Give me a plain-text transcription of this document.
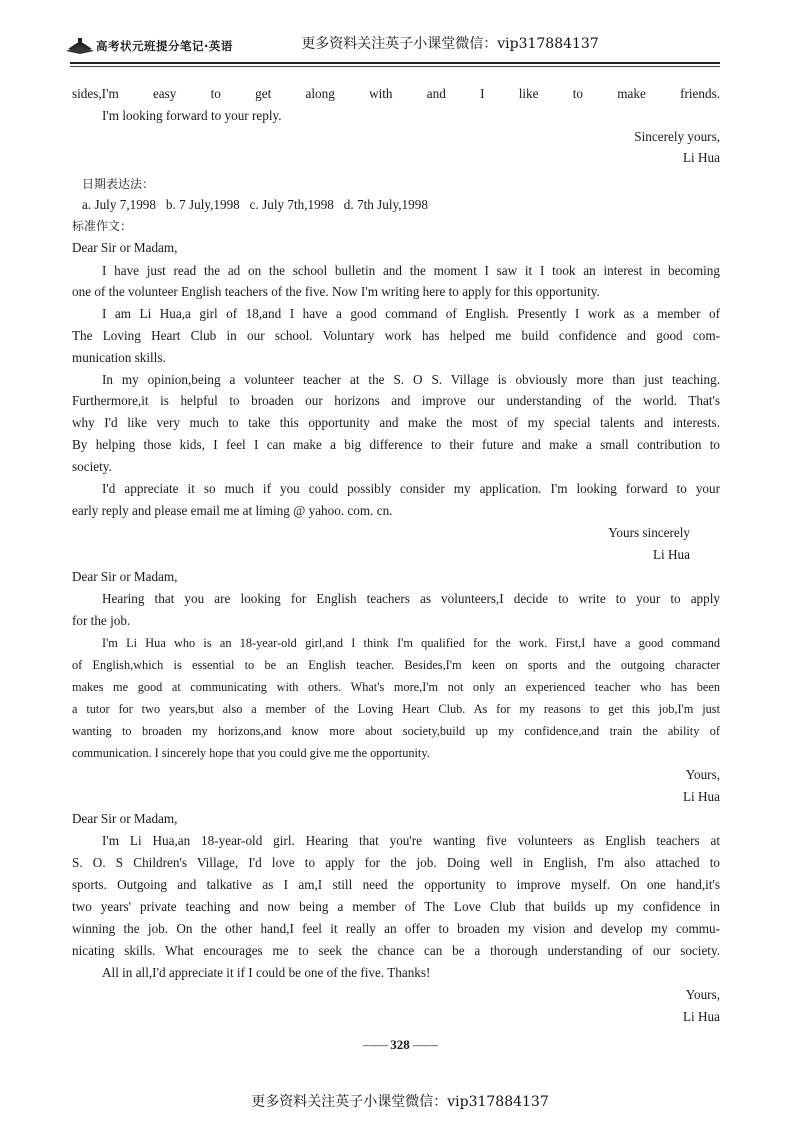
高考状元班提分笔记·英语	更多资料关注英子小课堂微信：vip317884137
sides,I'm easy to get along with and I like to make friends.
I'm looking forward to your reply.
Sincerely yours,
Li Hua
日期表达法：
a. July 7,1998   b. 7 July,1998   c. July 7th,1998   d. 7th July,1998
标准作文：
Dear Sir or Madam,
I have just read the ad on the school bulletin and the moment I saw it I took an interest in becoming
one of the volunteer English teachers of the five. Now I'm writing here to apply for this opportunity.
I am Li Hua,a girl of 18,and I have a good command of English. Presently I work as a member of
The Loving Heart Club in our school. Voluntary work has helped me build confidence and good com-
munication skills.
In my opinion,being a volunteer teacher at the S. O S. Village is obviously more than just teaching.
Furthermore,it is helpful to broaden our horizons and improve our understanding of the world. That's
why I'd like very much to take this opportunity and make the most of my special talents and interests.
By helping those kids, I feel I can make a big difference to their future and make a small contribution to
society.
I'd appreciate it so much if you could possibly consider my application. I'm looking forward to your
early reply and please email me at liming @ yahoo. com. cn.
Yours sincerely
Li Hua
Dear Sir or Madam,
Hearing that you are looking for English teachers as volunteers,I decide to write to your to apply
for the job.
I'm Li Hua who is an 18-year-old girl,and I think I'm qualified for the work. First,I have a good command
of English,which is essential to be an English teacher. Besides,I'm keen on sports and the outgoing character
makes me good at communicating with others. What's more,I'm not only an experienced teacher who has been
a tutor for two years,but also a member of the Loving Heart Club. As for my reasons to get this job,I'm just
wanting to broaden my horizons,and know more about society,build up my confidence,and train the ability of
communication. I sincerely hope that you could give me the opportunity.
Yours,
Li Hua
Dear Sir or Madam,
I'm Li Hua,an 18-year-old girl. Hearing that you're wanting five volunteers as English teachers at
S. O. S Children's Village, I'd love to apply for the job. Doing well in English, I'm also attached to
sports. Outgoing and talkative as I am,I still need the opportunity to improve myself. On one hand,it's
two years' private teaching and now being a member of The Love Club that builds up my confidence in
winning the job. On the other hand,I feel it really an offer to broaden my vision and develop my commu-
nicating skills. What encourages me to seek the chance can be a thorough understanding of our society.
All in all,I'd appreciate it if I could be one of the five. Thanks!
Yours,
Li Hua
—— 328 ——
更多资料关注英子小课堂微信：vip317884137
